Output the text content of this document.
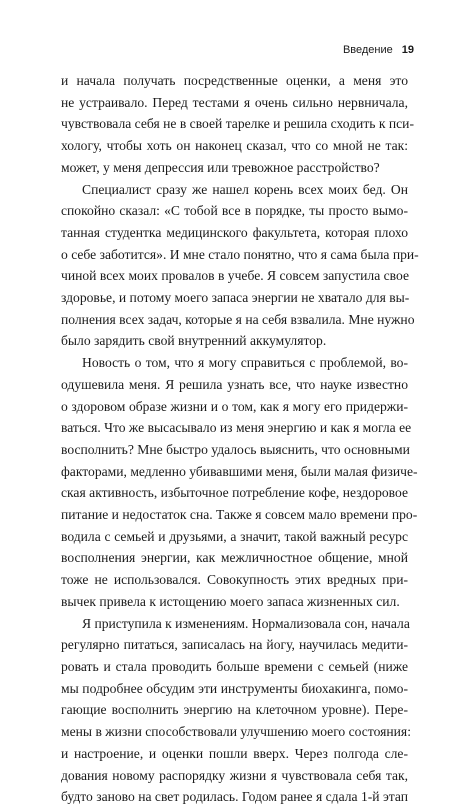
Введение 19
и начала получать посредственные оценки, а меня это
не устраивало. Перед тестами я очень сильно нервничала,
чувствовала себя не в своей тарелке и решила сходить к пси-
хологу, чтобы хоть он наконец сказал, что со мной не так:
может, у меня депрессия или тревожное расстройство?
Специалист сразу же нашел корень всех моих бед. Он
спокойно сказал: «С тобой все в порядке, ты просто вымо-
танная студентка медицинского факультета, которая плохо
о себе заботится». И мне стало понятно, что я сама была при-
чиной всех моих провалов в учебе. Я совсем запустила свое
здоровье, и потому моего запаса энергии не хватало для вы-
полнения всех задач, которые я на себя взвалила. Мне нужно
было зарядить свой внутренний аккумулятор.
Новость о том, что я могу справиться с проблемой, во-
одушевила меня. Я решила узнать все, что науке известно
о здоровом образе жизни и о том, как я могу его придержи-
ваться. Что же высасывало из меня энергию и как я могла ее
восполнить? Мне быстро удалось выяснить, что основными
факторами, медленно убивавшими меня, были малая физиче-
ская активность, избыточное потребление кофе, нездоровое
питание и недостаток сна. Также я совсем мало времени про-
водила с семьей и друзьями, а значит, такой важный ресурс
восполнения энергии, как межличностное общение, мной
тоже не использовался. Совокупность этих вредных при-
вычек привела к истощению моего запаса жизненных сил.
Я приступила к изменениям. Нормализовала сон, начала
регулярно питаться, записалась на йогу, научилась медити-
ровать и стала проводить больше времени с семьей (ниже
мы подробнее обсудим эти инструменты биохакинга, помо-
гающие восполнить энергию на клеточном уровне). Пере-
мены в жизни способствовали улучшению моего состояния:
и настроение, и оценки пошли вверх. Через полгода сле-
дования новому распорядку жизни я чувствовала себя так,
будто заново на свет родилась. Годом ранее я сдала 1-й этап
